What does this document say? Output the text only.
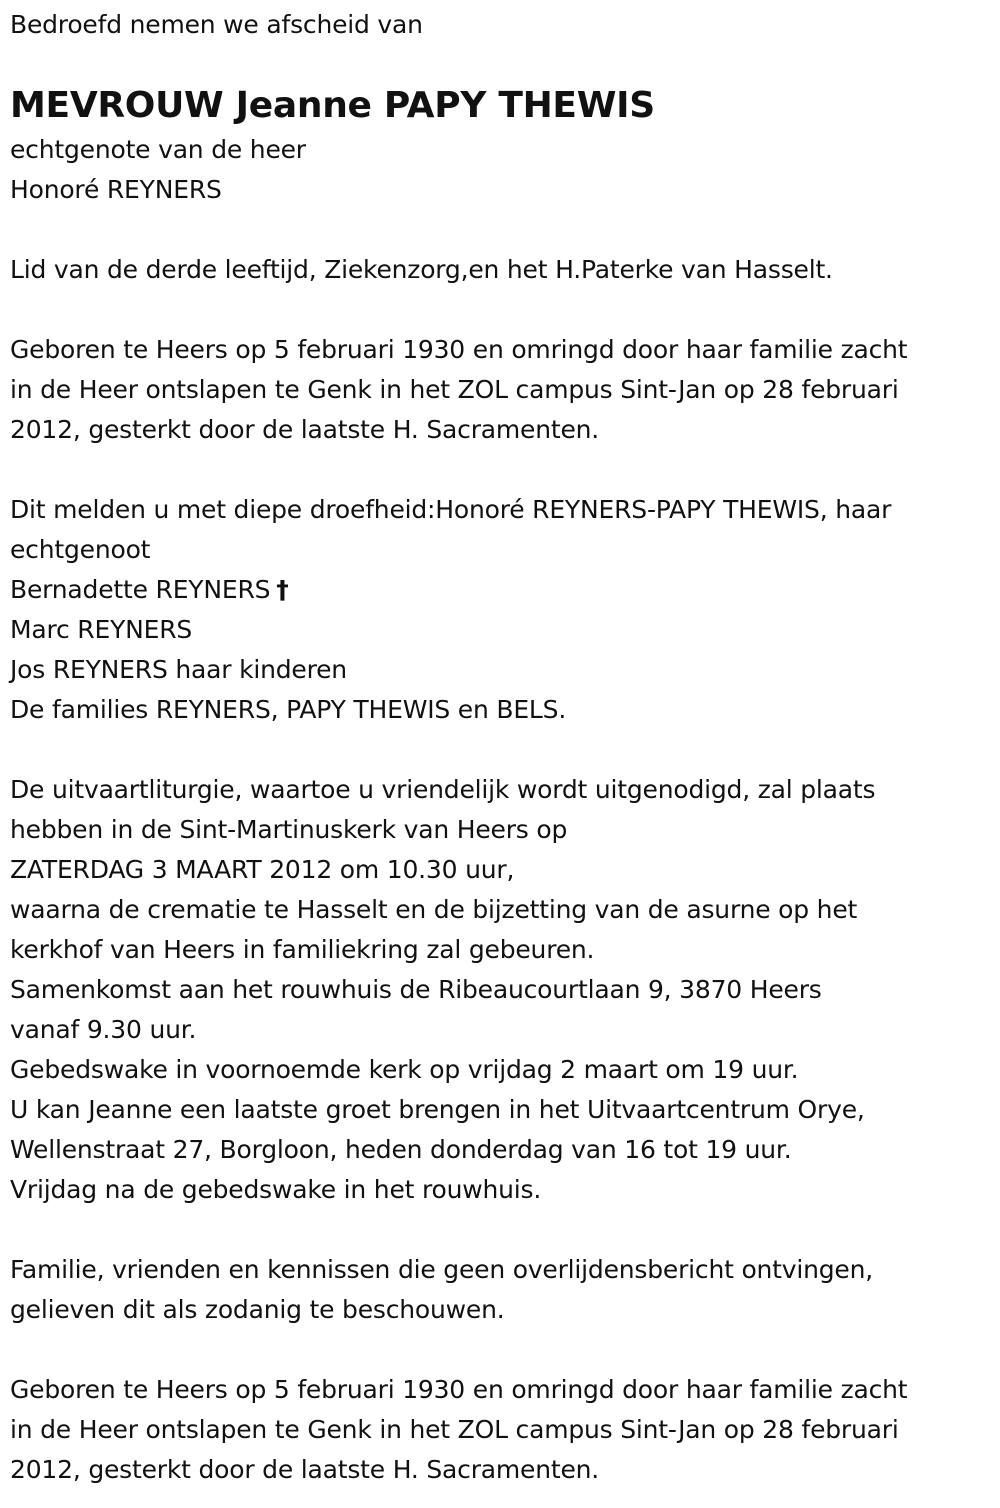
Bedroefd nemen we afscheid van
MEVROUW Jeanne PAPY THEWIS
echtgenote van de heer
Honoré REYNERS
Lid van de derde leeftijd, Ziekenzorg,en het H.Paterke van Hasselt.
Geboren te Heers op 5 februari 1930 en omringd door haar familie zacht
in de Heer ontslapen te Genk in het ZOL campus Sint-Jan op 28 februari
2012, gesterkt door de laatste H. Sacramenten.
Dit melden u met diepe droefheid:Honoré REYNERS-PAPY THEWIS, haar
echtgenoot
Bernadette REYNERS †
Marc REYNERS
Jos REYNERS haar kinderen
De families REYNERS, PAPY THEWIS en BELS.
De uitvaartliturgie, waartoe u vriendelijk wordt uitgenodigd, zal plaats
hebben in de Sint-Martinuskerk van Heers op
ZATERDAG 3 MAART 2012 om 10.30 uur,
waarna de crematie te Hasselt en de bijzetting van de asurne op het
kerkhof van Heers in familiekring zal gebeuren.
Samenkomst aan het rouwhuis de Ribeaucourtlaan 9, 3870 Heers
vanaf 9.30 uur.
Gebedswake in voornoemde kerk op vrijdag 2 maart om 19 uur.
U kan Jeanne een laatste groet brengen in het Uitvaartcentrum Orye,
Wellenstraat 27, Borgloon, heden donderdag van 16 tot 19 uur.
Vrijdag na de gebedswake in het rouwhuis.
Familie, vrienden en kennissen die geen overlijdensbericht ontvingen,
gelieven dit als zodanig te beschouwen.
Geboren te Heers op 5 februari 1930 en omringd door haar familie zacht
in de Heer ontslapen te Genk in het ZOL campus Sint-Jan op 28 februari
2012, gesterkt door de laatste H. Sacramenten.
